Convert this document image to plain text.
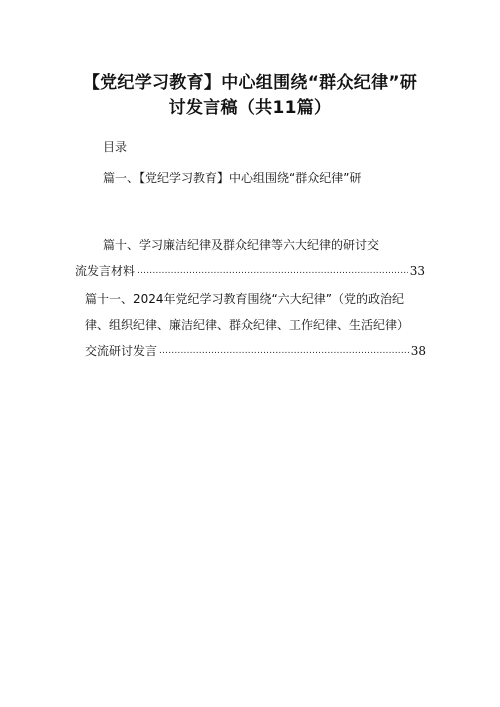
【党纪学习教育】中心组围绕“群众纪律”研
讨发言稿（共11篇）
目录
篇一、【党纪学习教育】中心组围绕“群众纪律”研
篇十、学习廉洁纪律及群众纪律等六大纪律的研讨交
流发言材料 .....	33
篇十一、2024年党纪学习教育围绕“六大纪律”（党的政治纪
律、组织纪律、廉洁纪律、群众纪律、工作纪律、生活纪律）
交流研讨发言 .....	38
